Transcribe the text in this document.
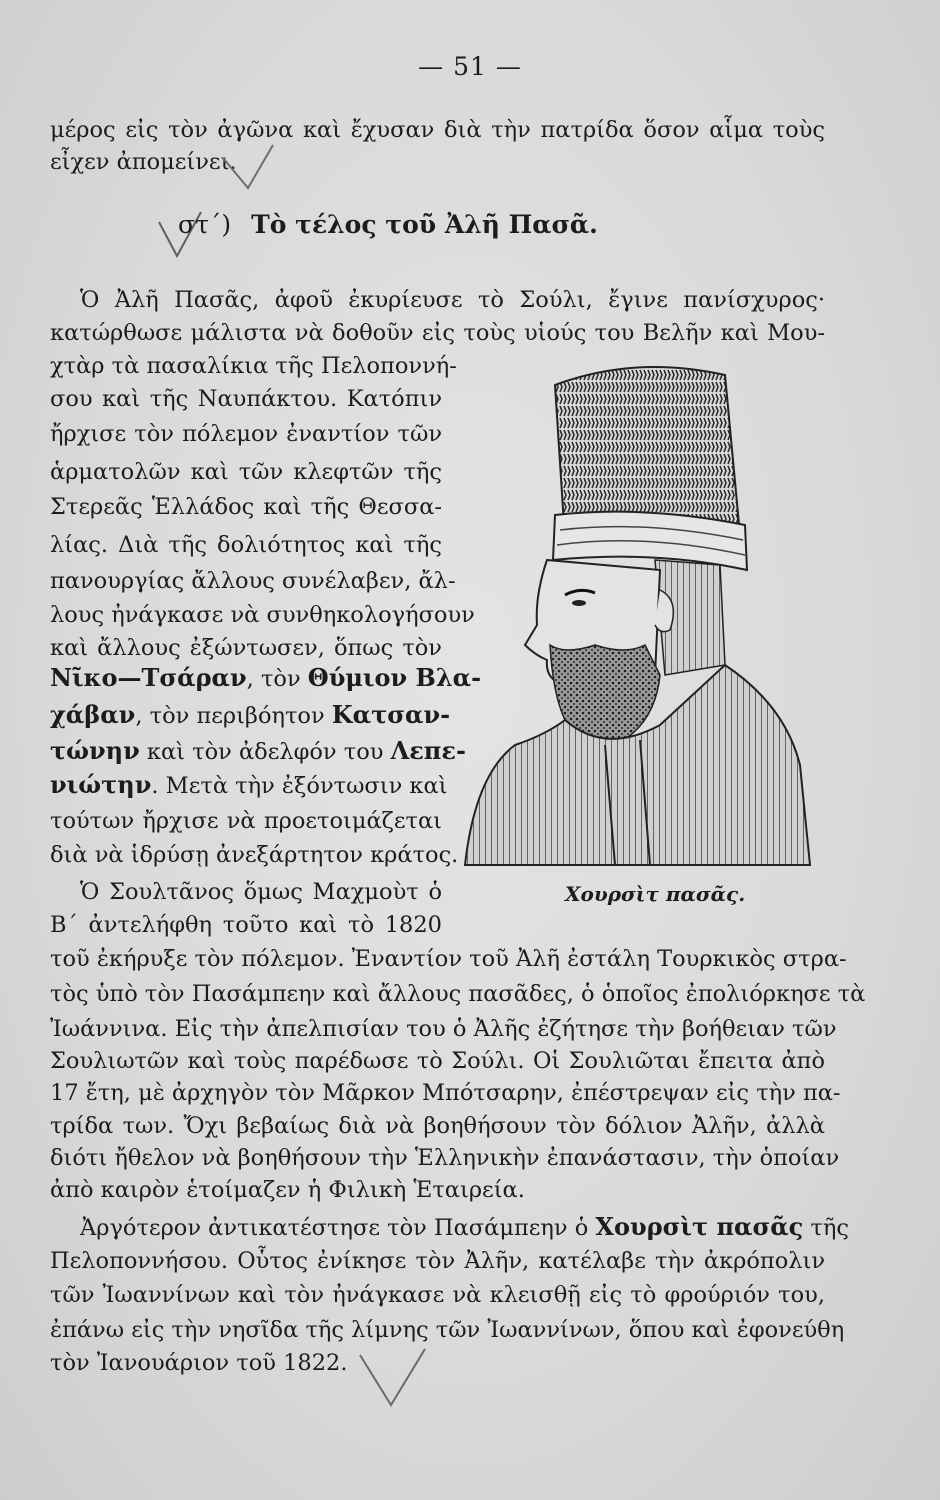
— 51 —
μέρος εἰς τὸν ἀγῶνα καὶ ἔχυσαν διὰ τὴν πατρίδα ὅσον αἷμα τοὺς
εἶχεν ἀπομείνει.
στ΄) Τὸ τέλος τοῦ Ἀλῆ Πασᾶ.
Ὁ Ἀλῆ Πασᾶς, ἀφοῦ ἐκυρίευσε τὸ Σούλι, ἔγινε πανίσχυρος·
κατώρθωσε μάλιστα νὰ δοθοῦν εἰς τοὺς υἱούς του Βελῆν καὶ Μου-
χτὰρ τὰ πασαλίκια τῆς Πελοποννή-
σου καὶ τῆς Ναυπάκτου. Κατόπιν
ἤρχισε τὸν πόλεμον ἐναντίον τῶν
ἁρματολῶν καὶ τῶν κλεφτῶν τῆς
Στερεᾶς Ἑλλάδος καὶ τῆς Θεσσα-
λίας. Διὰ τῆς δολιότητος καὶ τῆς
πανουργίας ἄλλους συνέλαβεν, ἄλ-
λους ἠνάγκασε νὰ συνθηκολογήσουν
καὶ ἄλλους ἐξώντωσεν, ὅπως τὸν
Νῖκο—Τσάραν, τὸν Θύμιον Βλα-
χάβαν, τὸν περιβόητον Κατσαν-
τώνην καὶ τὸν ἀδελφόν του Λεπε-
νιώτην. Μετὰ τὴν ἐξόντωσιν καὶ
τούτων ἤρχισε νὰ προετοιμάζεται
διὰ νὰ ἱδρύσῃ ἀνεξάρτητον κράτος.
Ὁ Σουλτᾶνος ὅμως Μαχμοὺτ ὁ
Β΄ ἀντελήφθη τοῦτο καὶ τὸ 1820
τοῦ ἐκήρυξε τὸν πόλεμον. Ἐναντίον τοῦ Ἀλῆ ἐστάλη Τουρκικὸς στρα-
τὸς ὑπὸ τὸν Πασάμπεην καὶ ἄλλους πασᾶδες, ὁ ὁποῖος ἐπολιόρκησε τὰ
Ἰωάννινα. Εἰς τὴν ἀπελπισίαν του ὁ Ἀλῆς ἐζήτησε τὴν βοήθειαν τῶν
Σουλιωτῶν καὶ τοὺς παρέδωσε τὸ Σούλι. Οἱ Σουλιῶται ἔπειτα ἀπὸ
17 ἔτη, μὲ ἀρχηγὸν τὸν Μᾶρκον Μπότσαρην, ἐπέστρεψαν εἰς τὴν πα-
τρίδα των. Ὄχι βεβαίως διὰ νὰ βοηθήσουν τὸν δόλιον Ἀλῆν, ἀλλὰ
διότι ἤθελον νὰ βοηθήσουν τὴν Ἑλληνικὴν ἐπανάστασιν, τὴν ὁποίαν
ἀπὸ καιρὸν ἑτοίμαζεν ἡ Φιλικὴ Ἑταιρεία.
Ἀργότερον ἀντικατέστησε τὸν Πασάμπεην ὁ Χουρσὶτ πασᾶς τῆς
Πελοποννήσου. Οὗτος ἐνίκησε τὸν Ἀλῆν, κατέλαβε τὴν ἀκρόπολιν
τῶν Ἰωαννίνων καὶ τὸν ἠνάγκασε νὰ κλεισθῇ εἰς τὸ φρούριόν του,
ἐπάνω εἰς τὴν νησῖδα τῆς λίμνης τῶν Ἰωαννίνων, ὅπου καὶ ἐφονεύθη
τὸν Ἰανουάριον τοῦ 1822.
Χουρσὶτ πασᾶς.
